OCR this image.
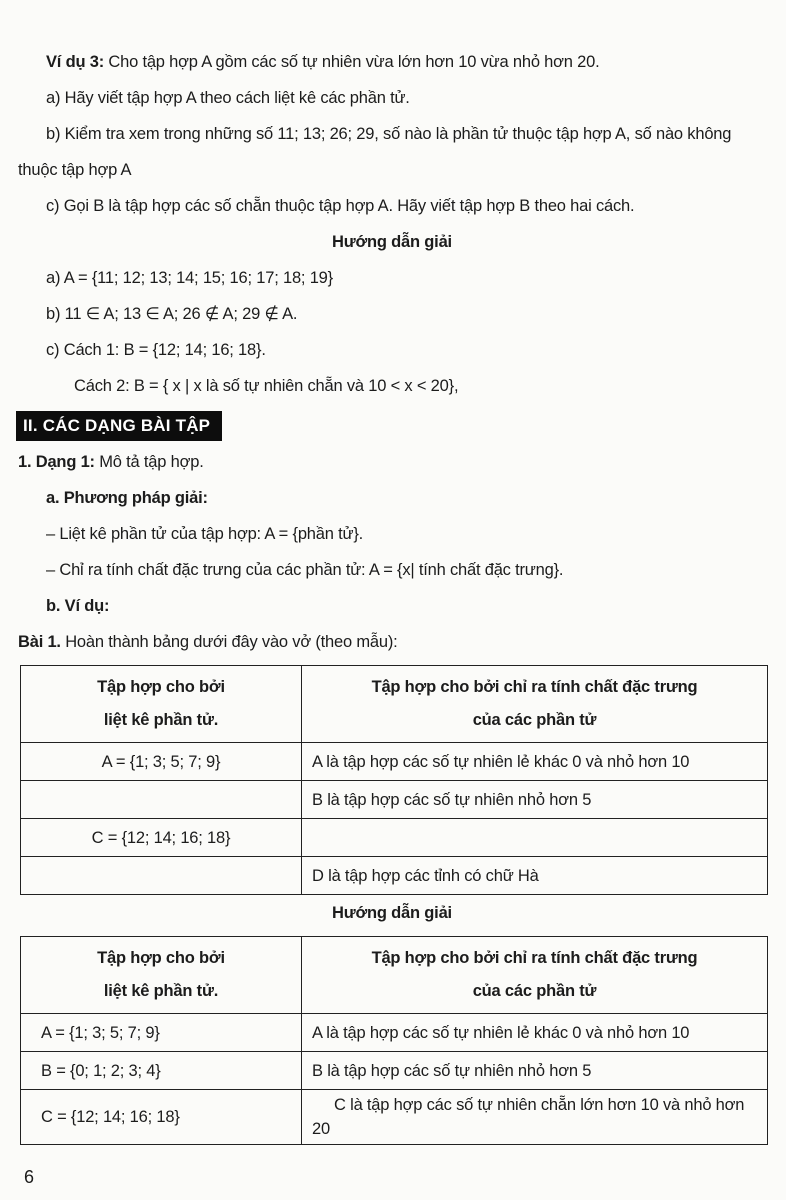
Ví dụ 3: Cho tập hợp A gồm các số tự nhiên vừa lớn hơn 10 vừa nhỏ hơn 20.

a) Hãy viết tập hợp A theo cách liệt kê các phần tử.

b) Kiểm tra xem trong những số 11; 13; 26; 29, số nào là phần tử thuộc tập hợp A, số nào không thuộc tập hợp A

c) Gọi B là tập hợp các số chẵn thuộc tập hợp A. Hãy viết tập hợp B theo hai cách.

Hướng dẫn giải

a) A = {11; 12; 13; 14; 15; 16; 17; 18; 19}

b) 11 ∈ A; 13 ∈ A; 26 ∉ A; 29 ∉ A.

c) Cách 1: B = {12; 14; 16; 18}.

Cách 2: B = { x | x là số tự nhiên chẵn và 10 < x < 20},

II. CÁC DẠNG BÀI TẬP

1. Dạng 1: Mô tả tập hợp.

a. Phương pháp giải:

– Liệt kê phần tử của tập hợp: A = {phần tử}.

– Chỉ ra tính chất đặc trưng của các phần tử: A = {x| tính chất đặc trưng}.

b. Ví dụ:

Bài 1. Hoàn thành bảng dưới đây vào vở (theo mẫu):

Tập hợp cho bởi
liệt kê phần tử.

Tập hợp cho bởi chỉ ra tính chất đặc trưng
của các phần tử

A = {1; 3; 5; 7; 9}	A là tập hợp các số tự nhiên lẻ khác 0 và nhỏ hơn 10
	B là tập hợp các số tự nhiên nhỏ hơn 5
C = {12; 14; 16; 18}	
	D là tập hợp các tỉnh có chữ Hà

Hướng dẫn giải

Tập hợp cho bởi
liệt kê phần tử.

Tập hợp cho bởi chỉ ra tính chất đặc trưng
của các phần tử

A = {1; 3; 5; 7; 9}	A là tập hợp các số tự nhiên lẻ khác 0 và nhỏ hơn 10
B = {0; 1; 2; 3; 4}	B là tập hợp các số tự nhiên nhỏ hơn 5
C = {12; 14; 16; 18}	C là tập hợp các số tự nhiên chẵn lớn hơn 10 và nhỏ hơn 20
6
